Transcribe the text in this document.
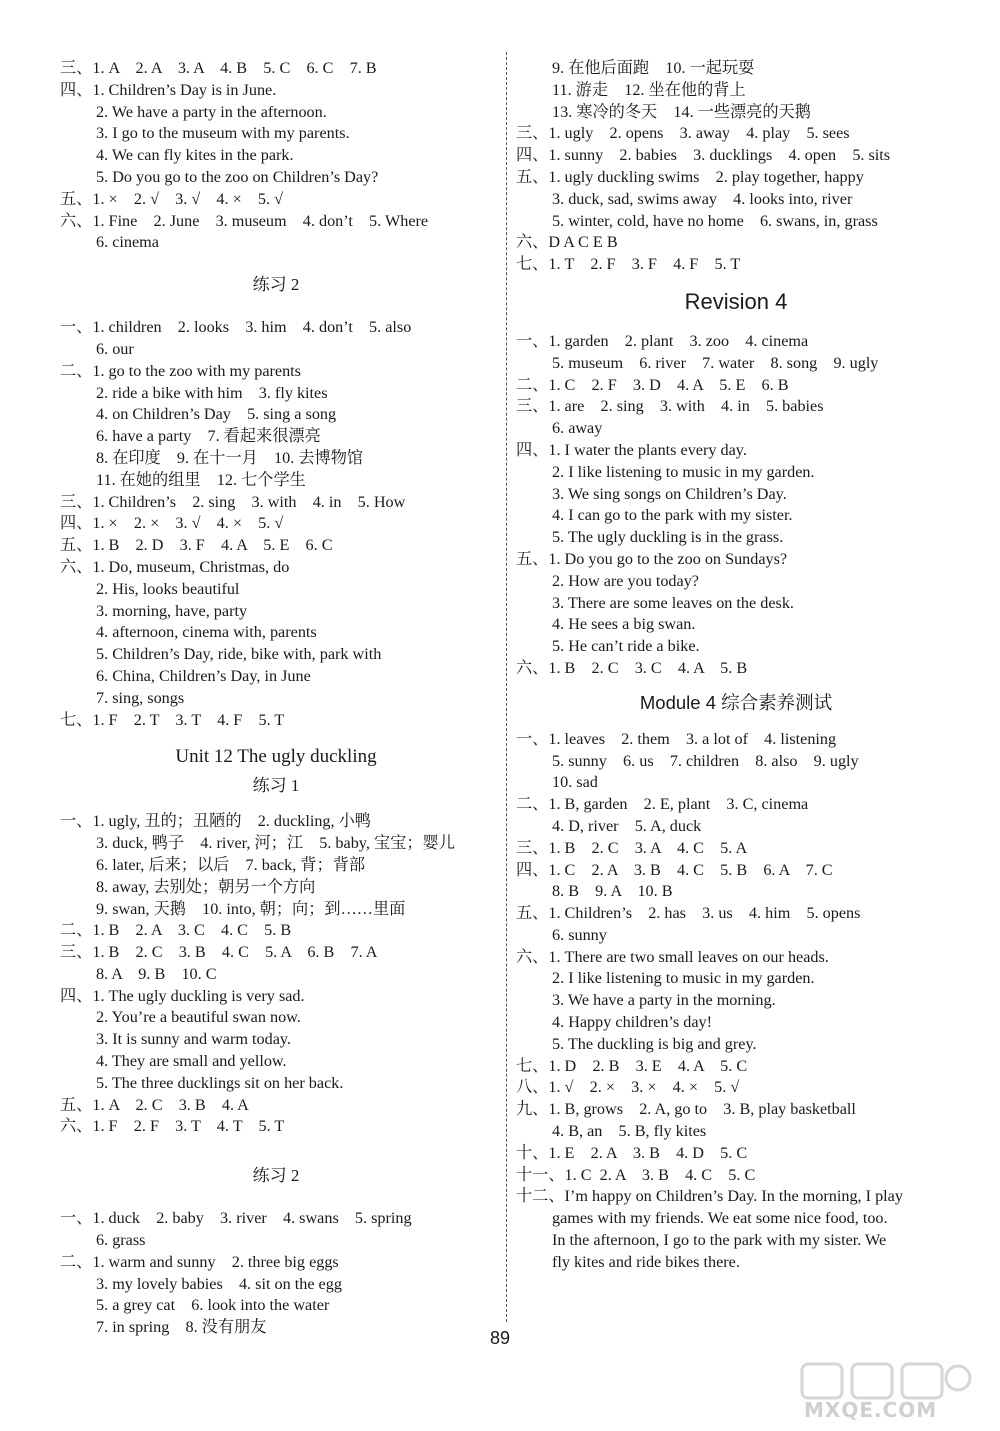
三、1. A    2. A    3. A    4. B    5. C    6. C    7. B
四、1. Children’s Day is in June.
2. We have a party in the afternoon.
3. I go to the museum with my parents.
4. We can fly kites in the park.
5. Do you go to the zoo on Children’s Day?
五、1. ×    2. √    3. √    4. ×    5. √
六、1. Fine    2. June    3. museum    4. don’t    5. Where
6. cinema
练习 2
一、1. children    2. looks    3. him    4. don’t    5. also
6. our
二、1. go to the zoo with my parents
2. ride a bike with him    3. fly kites
4. on Children’s Day    5. sing a song
6. have a party    7. 看起来很漂亮
8. 在印度    9. 在十一月    10. 去博物馆
11. 在她的组里    12. 七个学生
三、1. Children’s    2. sing    3. with    4. in    5. How
四、1. ×    2. ×    3. √    4. ×    5. √
五、1. B    2. D    3. F    4. A    5. E    6. C
六、1. Do, museum, Christmas, do
2. His, looks beautiful
3. morning, have, party
4. afternoon, cinema with, parents
5. Children’s Day, ride, bike with, park with
6. China, Children’s Day, in June
7. sing, songs
七、1. F    2. T    3. T    4. F    5. T
Unit 12 The ugly duckling
练习 1
一、1. ugly, 丑的；丑陋的    2. duckling, 小鸭
3. duck, 鸭子    4. river, 河；江    5. baby, 宝宝；婴儿
6. later, 后来；以后    7. back, 背；背部
8. away, 去别处；朝另一个方向
9. swan, 天鹅    10. into, 朝；向；到……里面
二、1. B    2. A    3. C    4. C    5. B
三、1. B    2. C    3. B    4. C    5. A    6. B    7. A
8. A    9. B    10. C
四、1. The ugly duckling is very sad.
2. You’re a beautiful swan now.
3. It is sunny and warm today.
4. They are small and yellow.
5. The three ducklings sit on her back.
五、1. A    2. C    3. B    4. A
六、1. F    2. F    3. T    4. T    5. T
练习 2
一、1. duck    2. baby    3. river    4. swans    5. spring
6. grass
二、1. warm and sunny    2. three big eggs
3. my lovely babies    4. sit on the egg
5. a grey cat    6. look into the water
7. in spring    8. 没有朋友
9. 在他后面跑    10. 一起玩耍
11. 游走    12. 坐在他的背上
13. 寒冷的冬天    14. 一些漂亮的天鹅
三、1. ugly    2. opens    3. away    4. play    5. sees
四、1. sunny    2. babies    3. ducklings    4. open    5. sits
五、1. ugly duckling swims    2. play together, happy
3. duck, sad, swims away    4. looks into, river
5. winter, cold, have no home    6. swans, in, grass
六、D A C E B
七、1. T    2. F    3. F    4. F    5. T
Revision 4
一、1. garden    2. plant    3. zoo    4. cinema
5. museum    6. river    7. water    8. song    9. ugly
二、1. C    2. F    3. D    4. A    5. E    6. B
三、1. are    2. sing    3. with    4. in    5. babies
6. away
四、1. I water the plants every day.
2. I like listening to music in my garden.
3. We sing songs on Children’s Day.
4. I can go to the park with my sister.
5. The ugly duckling is in the grass.
五、1. Do you go to the zoo on Sundays?
2. How are you today?
3. There are some leaves on the desk.
4. He sees a big swan.
5. He can’t ride a bike.
六、1. B    2. C    3. C    4. A    5. B
Module 4 综合素养测试
一、1. leaves    2. them    3. a lot of    4. listening
5. sunny    6. us    7. children    8. also    9. ugly
10. sad
二、1. B, garden    2. E, plant    3. C, cinema
4. D, river    5. A, duck
三、1. B    2. C    3. A    4. C    5. A
四、1. C    2. A    3. B    4. C    5. B    6. A    7. C
8. B    9. A    10. B
五、1. Children’s    2. has    3. us    4. him    5. opens
6. sunny
六、1. There are two small leaves on our heads.
2. I like listening to music in my garden.
3. We have a party in the morning.
4. Happy children’s day!
5. The duckling is big and grey.
七、1. D    2. B    3. E    4. A    5. C
八、1. √    2. ×    3. ×    4. ×    5. √
九、1. B, grows    2. A, go to    3. B, play basketball
4. B, an    5. B, fly kites
十、1. E    2. A    3. B    4. D    5. C
十一、1. C  2. A    3. B    4. C    5. C
十二、I’m happy on Children’s Day. In the morning, I play
games with my friends. We eat some nice food, too.
In the afternoon, I go to the park with my sister. We
fly kites and ride bikes there.
89
MXQE.COM
